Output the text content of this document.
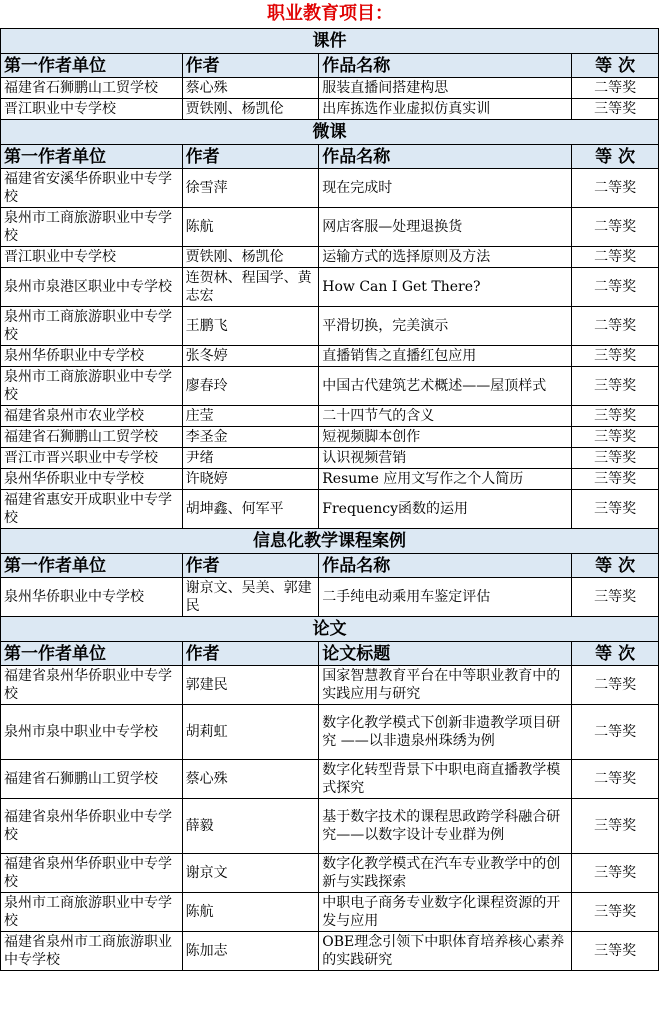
职业教育项目：
课件			
第一作者单位	作者	作品名称	等 次
福建省石狮鹏山工贸学校	蔡心殊	服装直播间搭建构思	二等奖
晋江职业中专学校	贾铁刚、杨凯伦	出库拣选作业虚拟仿真实训	三等奖
微课			
第一作者单位	作者	作品名称	等 次
福建省安溪华侨职业中专学校	徐雪萍	现在完成时	二等奖
泉州市工商旅游职业中专学校	陈航	网店客服—处理退换货	二等奖
晋江职业中专学校	贾铁刚、杨凯伦	运输方式的选择原则及方法	二等奖
泉州市泉港区职业中专学校	连贺林、程国学、黄志宏	How Can I Get There?	二等奖
泉州市工商旅游职业中专学校	王鹏飞	平滑切换，完美演示	二等奖
泉州华侨职业中专学校	张冬婷	直播销售之直播红包应用	三等奖
泉州市工商旅游职业中专学校	廖春玲	中国古代建筑艺术概述——屋顶样式	三等奖
福建省泉州市农业学校	庄莹	二十四节气的含义	三等奖
福建省石狮鹏山工贸学校	李圣金	短视频脚本创作	三等奖
晋江市晋兴职业中专学校	尹绪	认识视频营销	三等奖
泉州华侨职业中专学校	许晓婷	Resume 应用文写作之个人简历	三等奖
福建省惠安开成职业中专学校	胡坤鑫、何军平	Frequency函数的运用	三等奖
信息化教学课程案例			
第一作者单位	作者	作品名称	等 次
泉州华侨职业中专学校	谢京文、吴美、郭建民	二手纯电动乘用车鉴定评估	三等奖
论文			
第一作者单位	作者	论文标题	等 次
福建省泉州华侨职业中专学校	郭建民	国家智慧教育平台在中等职业教育中的实践应用与研究	二等奖
泉州市泉中职业中专学校	胡莉虹	数字化教学模式下创新非遗教学项目研究 ——以非遗泉州珠绣为例	二等奖
福建省石狮鹏山工贸学校	蔡心殊	数字化转型背景下中职电商直播教学模式探究	二等奖
福建省泉州华侨职业中专学校	薛毅	基于数字技术的课程思政跨学科融合研究——以数字设计专业群为例	三等奖
福建省泉州华侨职业中专学校	谢京文	数字化教学模式在汽车专业教学中的创新与实践探索	三等奖
泉州市工商旅游职业中专学校	陈航	中职电子商务专业数字化课程资源的开发与应用	三等奖
福建省泉州市工商旅游职业中专学校	陈加志	OBE理念引领下中职体育培养核心素养的实践研究	三等奖
